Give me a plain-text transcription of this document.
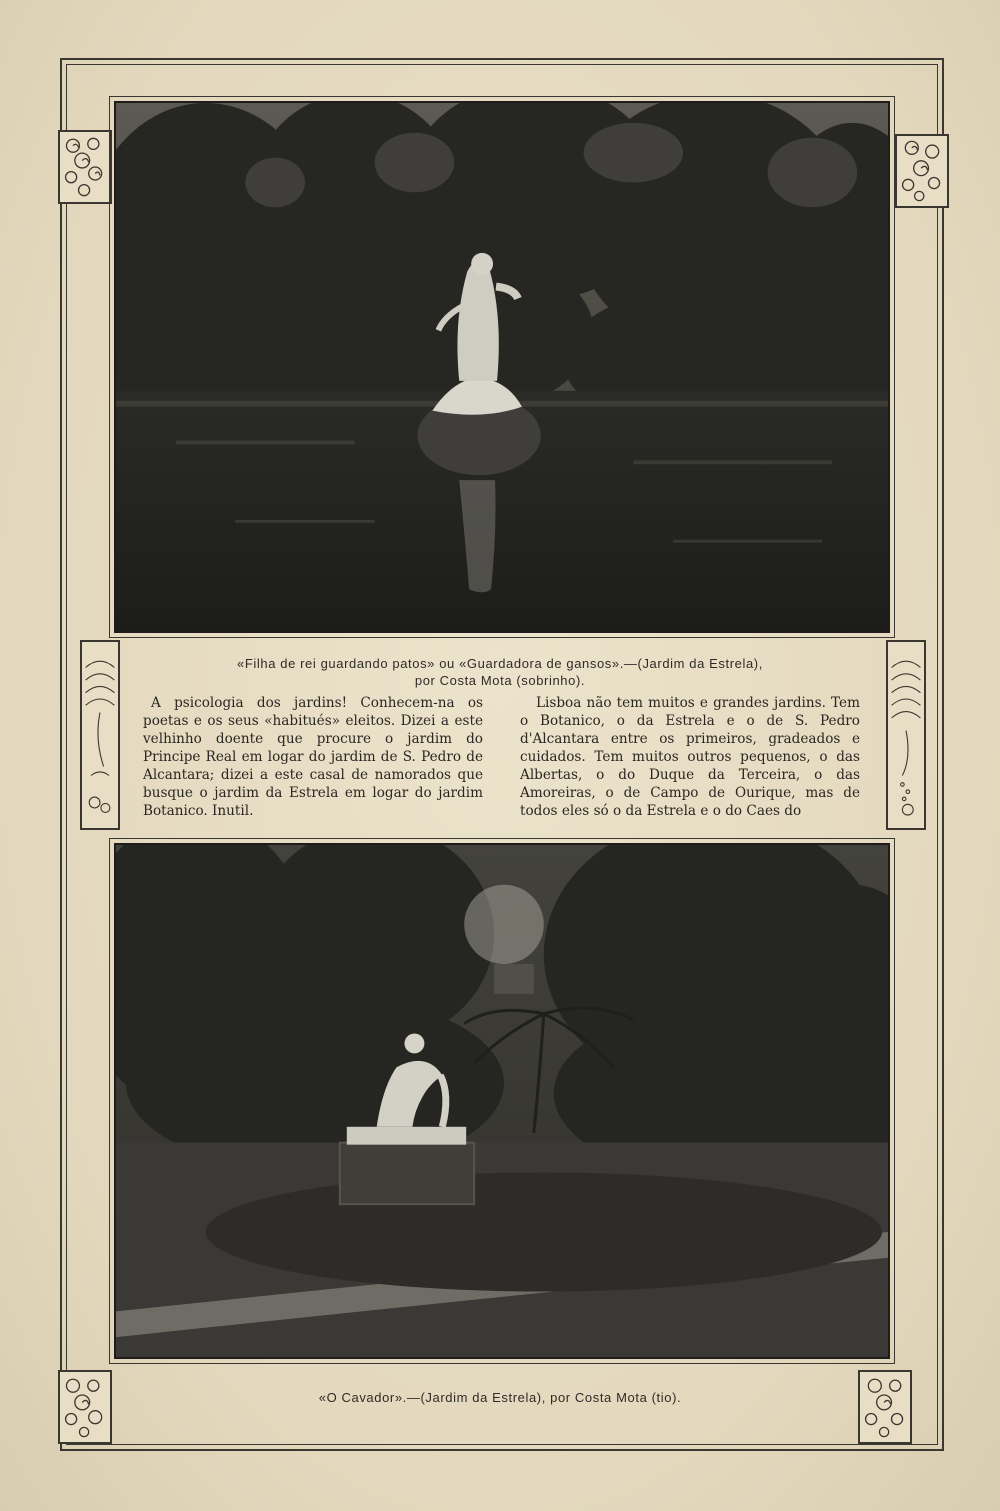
«Filha de rei guardando patos» ou «Guardadora de gansos».—(Jardim da Estrela),
por Costa Mota (sobrinho).
A psicologia dos jardins! Conhecem-na os poetas e os seus «habitués» eleitos. Dizei a este velhinho doente que procure o jardim do Principe Real em logar do jardim de S. Pedro de Alcantara; dizei a este casal de namorados que busque o jardim da Estrela em logar do jardim Botanico. Inutil.
Lisboa não tem muitos e grandes jardins. Tem o Botanico, o da Estrela e o de S. Pedro d'Alcantara entre os primeiros, gradeados e cuidados. Tem muitos outros pequenos, o das Albertas, o do Duque da Terceira, o das Amoreiras, o de Campo de Ourique, mas de todos eles só o da Estrela e o do Caes do
«O Cavador».—(Jardim da Estrela), por Costa Mota (tio).
